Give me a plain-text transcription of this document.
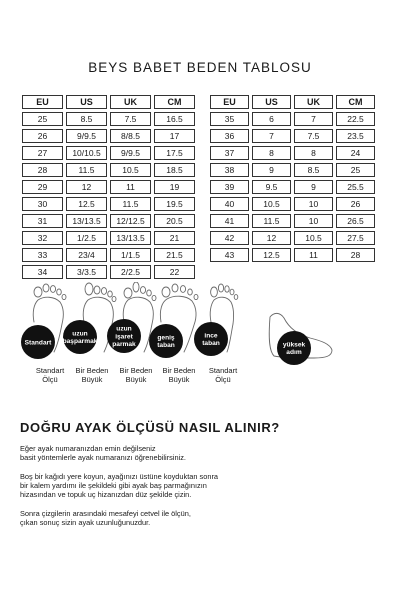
BEYS BABET BEDEN TABLOSU
EU	US	UK	CM
25	8.5	7.5	16.5
26	9/9.5	8/8.5	17
27	10/10.5	9/9.5	17.5
28	11.5	10.5	18.5
29	12	11	19
30	12.5	11.5	19.5
31	13/13.5	12/12.5	20.5
32	1/2.5	13/13.5	21
33	23/4	1/1.5	21.5
34	3/3.5	2/2.5	22
EU	US	UK	CM
35	6	7	22.5
36	7	7.5	23.5
37	8	8	24
38	9	8.5	25
39	9.5	9	25.5
40	10.5	10	26
41	11.5	10	26.5
42	12	10.5	27.5
43	12.5	11	28
Standart
uzun
başparmak
uzun
işaret
parmak
geniş
taban
ince
taban	yüksek
adım
Standart
Ölçü
Bir Beden
Büyük
Bir Beden
Büyük
Bir Beden
Büyük
Standart
Ölçü
DOĞRU AYAK ÖLÇÜSÜ NASIL ALINIR?
Eğer ayak numaranızdan emin değilseniz
basit yöntemlerle ayak numaranızı öğrenebilirsiniz.
Boş bir kağıdı yere koyun, ayağınızı üstüne koyduktan sonra
bir kalem yardımı ile şekildeki gibi ayak baş parmağınızın
hizasından ve topuk uç hizanızdan düz şekilde çizin.
Sonra çizgilerin arasındaki mesafeyi cetvel ile ölçün,
çıkan sonuç sizin ayak uzunluğunuzdur.
